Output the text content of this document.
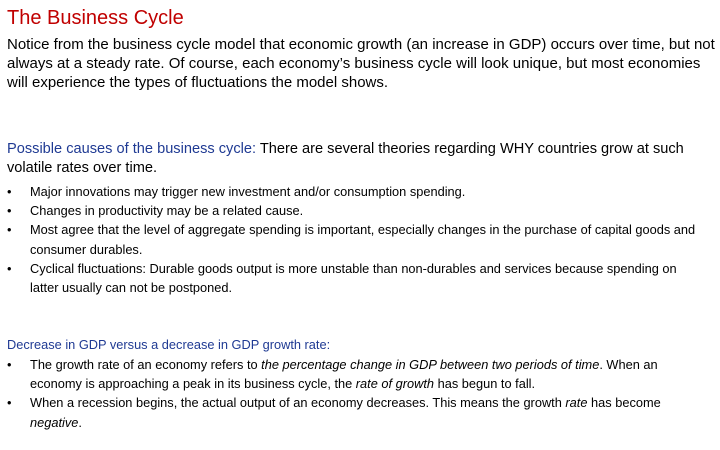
The Business Cycle

Notice from the business cycle model that economic growth (an increase in GDP) occurs over time, but not always at a steady rate. Of course, each economy’s business cycle will look unique, but most economies will experience the types of fluctuations the model shows.

Possible causes of the business cycle: There are several theories regarding WHY countries grow at such volatile rates over time.

•	Major innovations may trigger new investment and/or consumption spending.
•	Changes in productivity may be a related cause.
•	Most agree that the level of aggregate spending is important, especially changes in the purchase of capital goods and consumer durables.
•	Cyclical fluctuations: Durable goods output is more unstable than non-durables and services because spending on latter usually can not be postponed.
Decrease in GDP versus a decrease in GDP growth rate:
•	The growth rate of an economy refers to the percentage change in GDP between two periods of time. When an economy is approaching a peak in its business cycle, the rate of growth has begun to fall.
•	When a recession begins, the actual output of an economy decreases. This means the growth rate has become negative.
